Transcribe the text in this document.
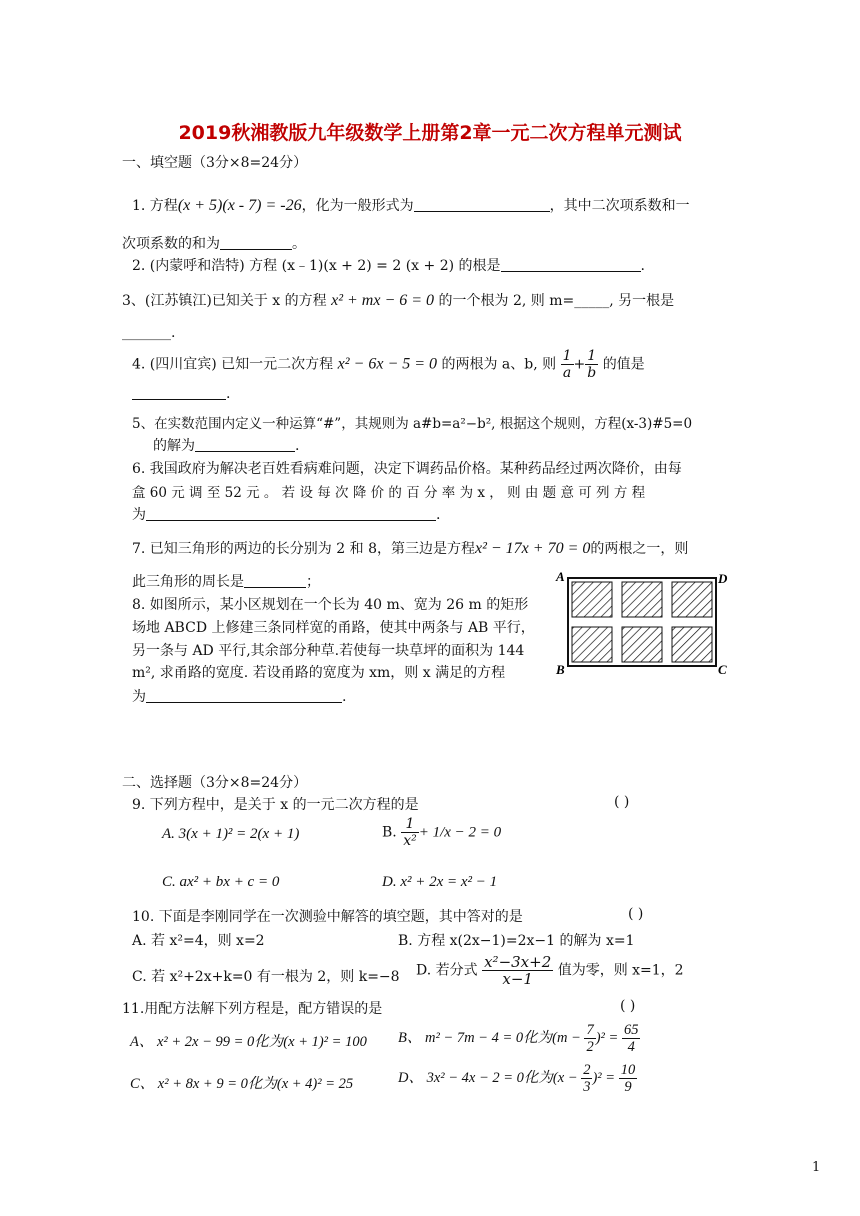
2019秋湘教版九年级数学上册第2章一元二次方程单元测试
一、填空题（3分×8=24分）
1. 方程(x + 5)(x - 7) = -26，化为一般形式为	，其中二次项系数和一
次项系数的和为	。
2. (内蒙呼和浩特) 方程 (x﹣1)(x + 2) = 2 (x + 2) 的根是	.
3、(江苏镇江)已知关于 x 的方程 x² + mx − 6 = 0 的一个根为 2, 则 m=_____, 另一根是
_______.
4. (四川宜宾) 已知一元二次方程 x² − 6x − 5 = 0 的两根为 a、b, 则 $\frac{1}{a} + \frac{1}{b}$ 的值是
.
5、在实数范围内定义一种运算“#”，其规则为 a#b=a²−b², 根据这个规则，方程(x-3)#5=0
的解为	.
6. 我国政府为解决老百姓看病难问题，决定下调药品价格。某种药品经过两次降价，由每
盒 60 元 调 至 52 元 。 若 设 每 次 降 价 的 百 分 率 为 x ， 则 由 题 意 可 列 方 程
为	.
7. 已知三角形的两边的长分别为 2 和 8，第三边是方程x² − 17x + 70 = 0的两根之一，则
此三角形的周长是	；
8. 如图所示，某小区规划在一个长为 40 m、宽为 26 m 的矩形
场地 ABCD 上修建三条同样宽的甬路，使其中两条与 AB 平行，
另一条与 AD 平行,其余部分种草.若使每一块草坪的面积为 144
m², 求甬路的宽度. 若设甬路的宽度为 xm，则 x 满足的方程
为	.
A	D
B	C
二、选择题（3分×8=24分）
9. 下列方程中，是关于 x 的一元二次方程的是	( )
A. 3(x + 1)² = 2(x + 1)	B. $\frac{1}{\text{x²}} + 1/x - 2 = 0$
C. ax² + bx + c = 0	D. x² + 2x = x² − 1
10. 下面是李刚同学在一次测验中解答的填空题，其中答对的是	( )
A. 若 x²=4，则 x=2	B. 方程 x(2x−1)=2x−1 的解为 x=1
C. 若 x²+2x+k=0 有一根为 2，则 k=−8 D. 若分式 $\frac{\text{x²−3x+2}}{x-1}$ 值为零，则 x=1，2
11.用配方法解下列方程是，配方错误的是	( )
A、 x² + 2x − 99 = 0化为(x + 1)² = 100 B、 m² − 7m − 4 = 0化为$(m - \frac{7}{2} )^2 = \frac{65}{4}$
C、 x² + 8x + 9 = 0化为(x + 4)² = 25	D、 3x² − 4x − 2 = 0化为$(x - \frac{2}{3} )^2 = \frac{10}{9}$
1
